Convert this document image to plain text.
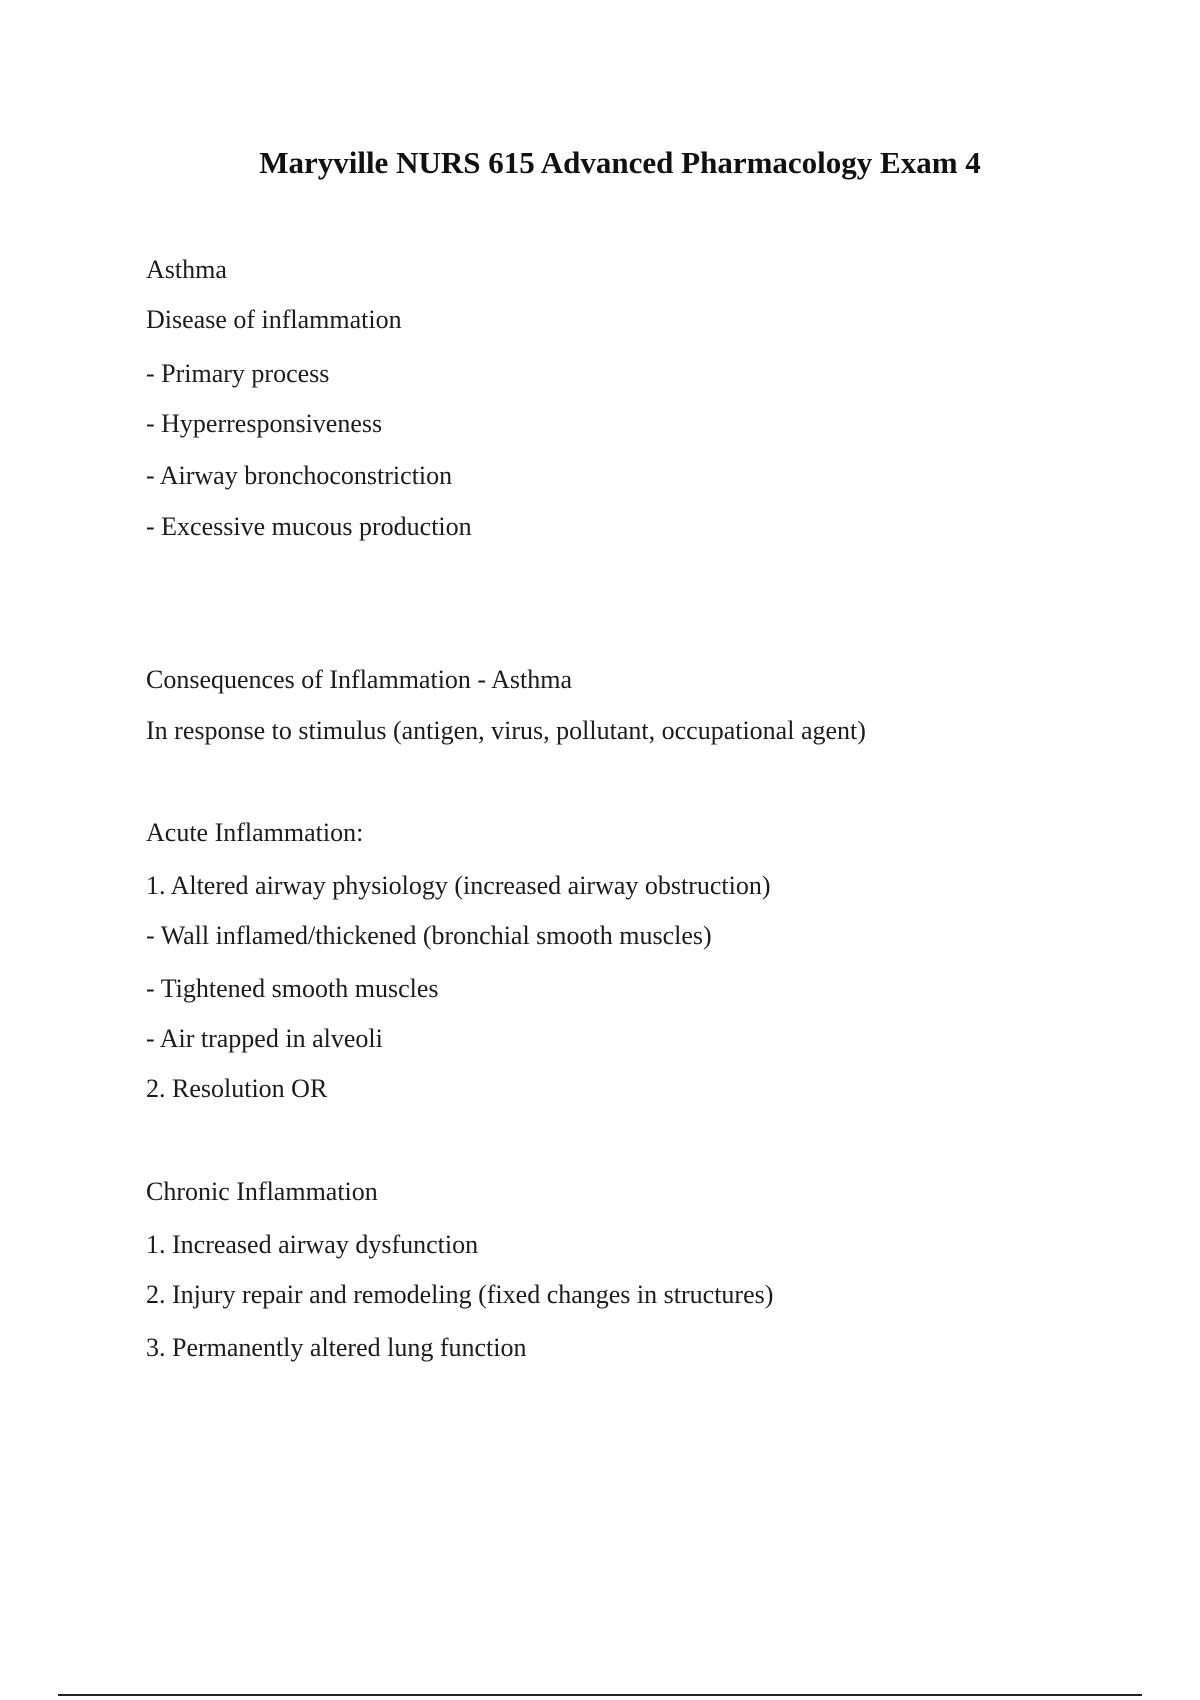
Maryville NURS 615 Advanced Pharmacology Exam 4
Asthma
Disease of inflammation
- Primary process
- Hyperresponsiveness
- Airway bronchoconstriction
- Excessive mucous production
Consequences of Inflammation - Asthma
In response to stimulus (antigen, virus, pollutant, occupational agent)
Acute Inflammation:
1. Altered airway physiology (increased airway obstruction)
- Wall inflamed/thickened (bronchial smooth muscles)
- Tightened smooth muscles
- Air trapped in alveoli
2. Resolution OR
Chronic Inflammation
1. Increased airway dysfunction
2. Injury repair and remodeling (fixed changes in structures)
3. Permanently altered lung function
